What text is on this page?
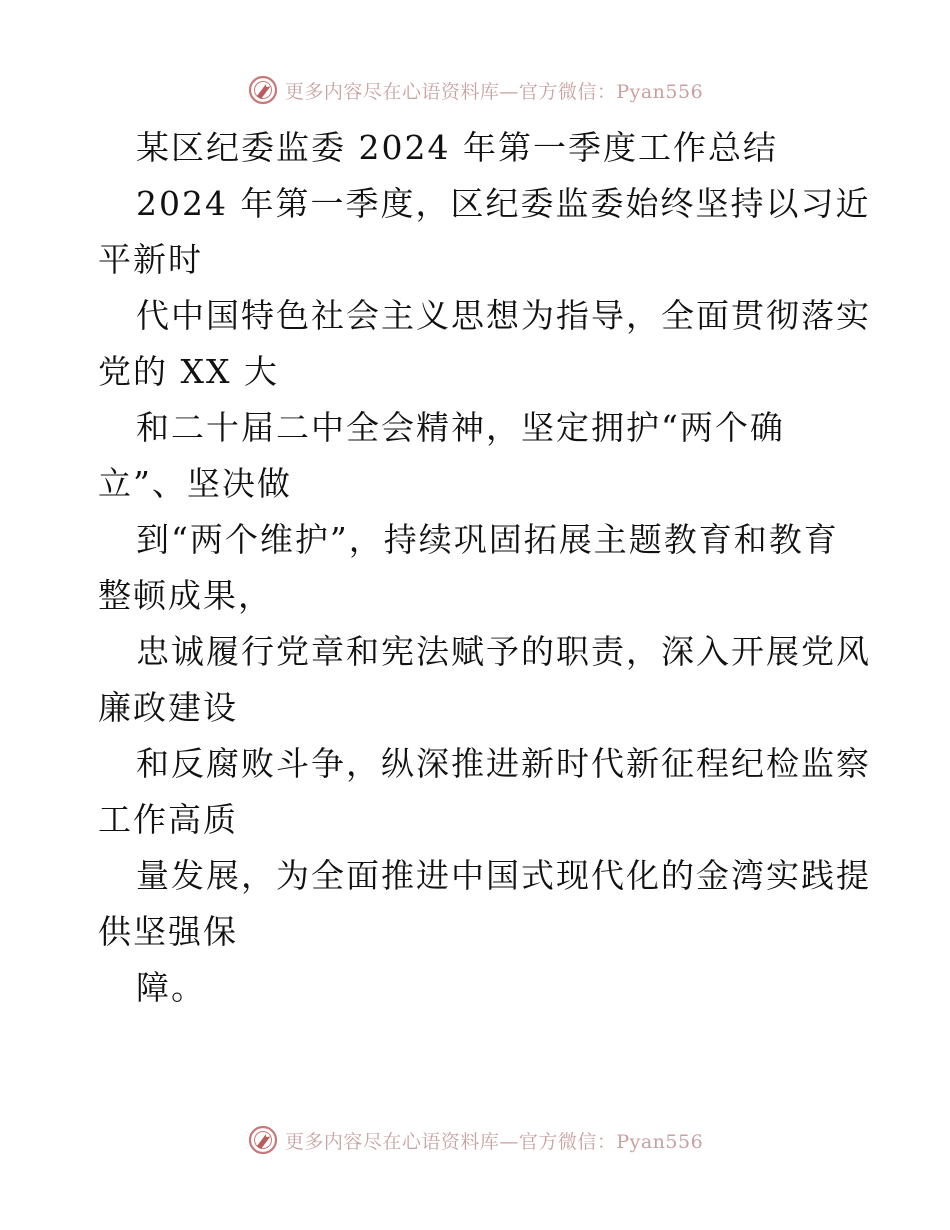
更多内容尽在心语资料库—官方微信：Pyan556
某区纪委监委 2024 年第一季度工作总结
2024 年第一季度，区纪委监委始终坚持以习近
平新时
代中国特色社会主义思想为指导，全面贯彻落实
党的 XX 大
和二十届二中全会精神，坚定拥护“两个确
立”、坚决做
到“两个维护”，持续巩固拓展主题教育和教育
整顿成果，
忠诚履行党章和宪法赋予的职责，深入开展党风
廉政建设
和反腐败斗争，纵深推进新时代新征程纪检监察
工作高质
量发展，为全面推进中国式现代化的金湾实践提
供坚强保
障。
更多内容尽在心语资料库—官方微信：Pyan556
